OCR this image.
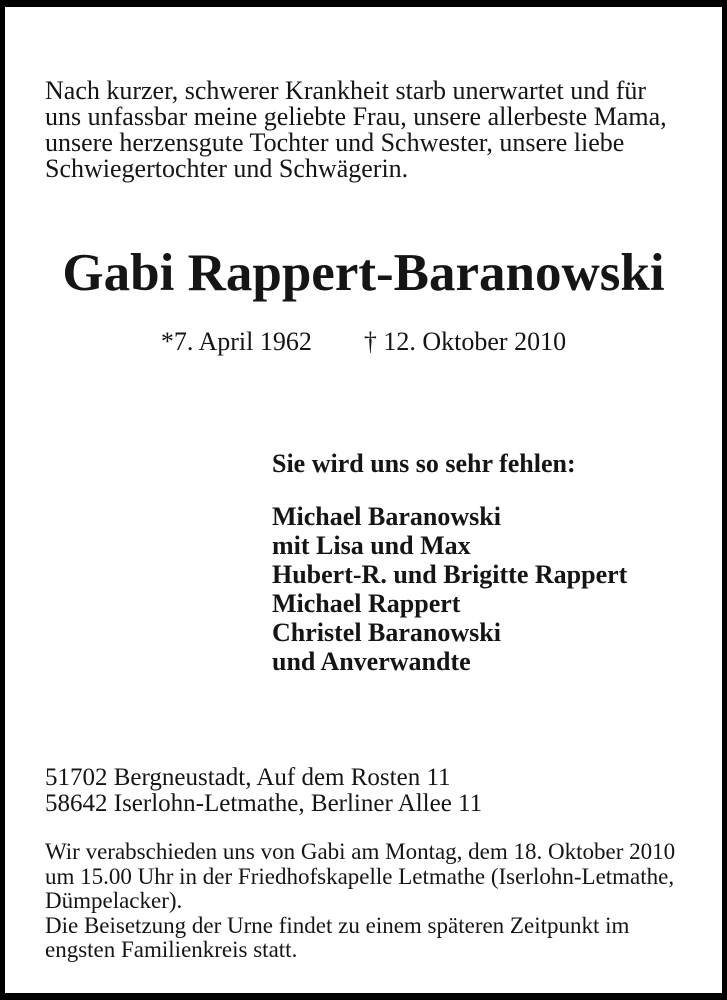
Nach kurzer, schwerer Krankheit starb unerwartet und für uns unfassbar meine geliebte Frau, unsere allerbeste Mama, unsere herzensgute Tochter und Schwester, unsere liebe Schwiegertochter und Schwägerin.

Gabi Rappert-Baranowski
*7. April 1962 † 12. Oktober 2010

Sie wird uns so sehr fehlen:

Michael Baranowski
mit Lisa und Max
Hubert-R. und Brigitte Rappert
Michael Rappert
Christel Baranowski
und Anverwandte
51702 Bergneustadt, Auf dem Rosten 11
58642 Iserlohn-Letmathe, Berliner Allee 11

Wir verabschieden uns von Gabi am Montag, dem 18. Oktober 2010 um 15.00 Uhr in der Friedhofskapelle Letmathe (Iserlohn-Letmathe, Dümpelacker).

Die Beisetzung der Urne findet zu einem späteren Zeitpunkt im engsten Familienkreis statt.
